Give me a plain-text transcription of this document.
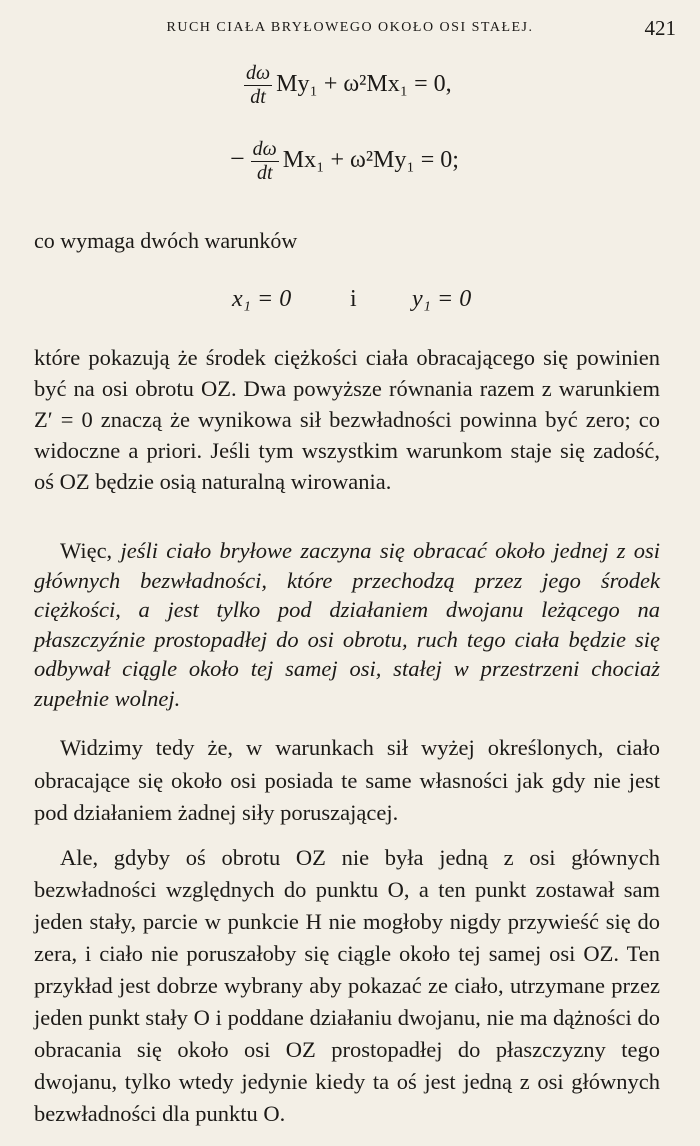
RUCH CIAŁA BRYŁOWEGO OKOŁO OSI STAŁEJ.	421
$\frac{d\omega}{dt} My_1 + \omega^2Mx_1 = 0$,
− $\frac{d\omega}{dt} Mx_1 + \omega^2My_1 = 0$;
co wymaga dwóch warunków
x₁ = 0 i y₁ = 0

które pokazują że środek ciężkości ciała obracającego się powinien być na osi obrotu OZ. Dwa powyższe równania razem z warunkiem Z′ = 0 znaczą że wynikowa sił bezwładności powinna być zero; co widoczne a priori. Jeśli tym wszystkim warunkom staje się zadość, oś OZ będzie osią naturalną wirowania.

Więc, jeśli ciało bryłowe zaczyna się obracać około jednej z osi głównych bezwładności, które przechodzą przez jego środek ciężkości, a jest tylko pod działaniem dwojanu leżącego na płaszczyźnie prostopadłej do osi obrotu, ruch tego ciała będzie się odbywał ciągle około tej samej osi, stałej w przestrzeni chociaż zupełnie wolnej.

Widzimy tedy że, w warunkach sił wyżej określonych, ciało obracające się około osi posiada te same własności jak gdy nie jest pod działaniem żadnej siły poruszającej.

Ale, gdyby oś obrotu OZ nie była jedną z osi głównych bezwładności względnych do punktu O, a ten punkt zostawał sam jeden stały, parcie w punkcie H nie mogłoby nigdy przywieść się do zera, i ciało nie poruszałoby się ciągle około tej samej osi OZ. Ten przykład jest dobrze wybrany aby pokazać ze ciało, utrzymane przez jeden punkt stały O i poddane działaniu dwojanu, nie ma dążności do obracania się około osi OZ prostopadłej do płaszczyzny tego dwojanu, tylko wtedy jedynie kiedy ta oś jest jedną z osi głównych bezwładności dla punktu O.
